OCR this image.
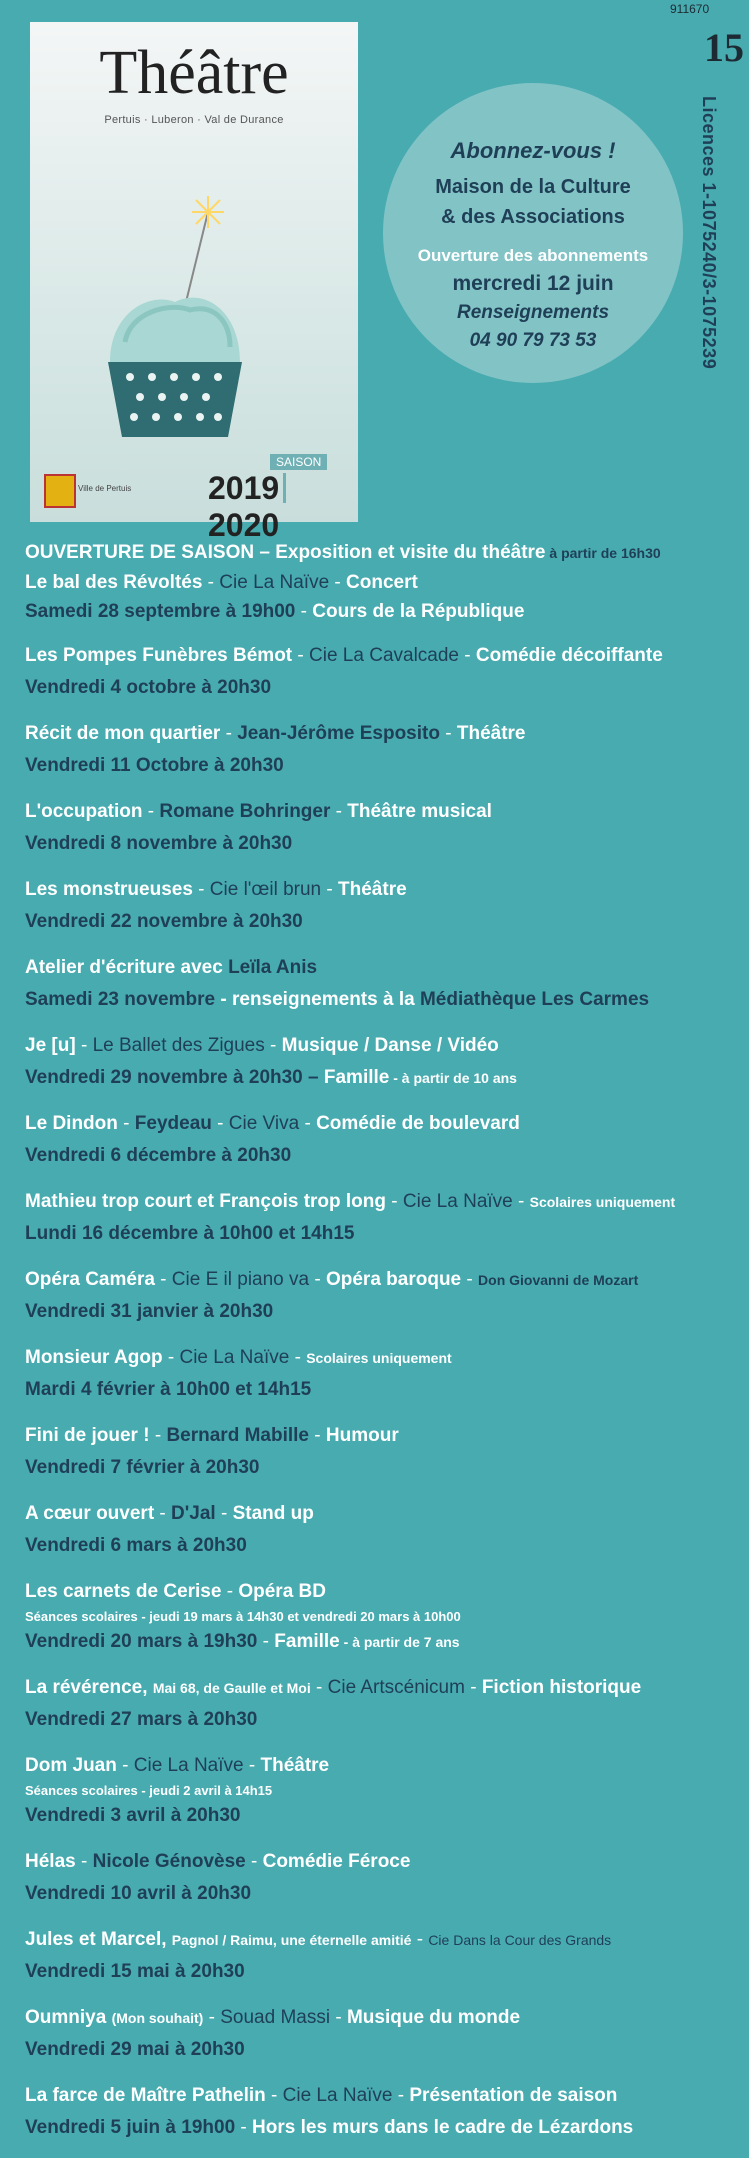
911670
15
Licences 1-1075240/3-1075239
Théâtre
Pertuis · Luberon · Val de Durance
Ville de Pertuis
SAISON
20192020
Abonnez-vous !
Maison de la Culture
& des Associations
Ouverture des abonnements
mercredi 12 juin
Renseignements
04 90 79 73 53
OUVERTURE DE SAISON – Exposition et visite du théâtre à partir de 16h30
Le bal des Révoltés - Cie La Naïve - Concert
Samedi 28 septembre à 19h00 - Cours de la République
Les Pompes Funèbres Bémot - Cie La Cavalcade - Comédie décoiffante
Vendredi 4 octobre à 20h30
Récit de mon quartier - Jean-Jérôme Esposito - Théâtre
Vendredi 11 Octobre à 20h30
L'occupation - Romane Bohringer - Théâtre musical
Vendredi 8 novembre à 20h30
Les monstrueuses - Cie l'œil brun - Théâtre
Vendredi 22 novembre à 20h30
Atelier d'écriture avec Leïla Anis
Samedi 23 novembre - renseignements à la Médiathèque Les Carmes
Je [u] - Le Ballet des Zigues - Musique / Danse / Vidéo
Vendredi 29 novembre à 20h30 – Famille - à partir de 10 ans
Le Dindon - Feydeau - Cie Viva - Comédie de boulevard
Vendredi 6 décembre à 20h30
Mathieu trop court et François trop long - Cie La Naïve - Scolaires uniquement
Lundi 16 décembre à 10h00 et 14h15
Opéra Caméra - Cie E il piano va - Opéra baroque - Don Giovanni de Mozart
Vendredi 31 janvier à 20h30
Monsieur Agop - Cie La Naïve - Scolaires uniquement
Mardi 4 février à 10h00 et 14h15
Fini de jouer ! - Bernard Mabille - Humour
Vendredi 7 février à 20h30
A cœur ouvert - D'Jal - Stand up
Vendredi 6 mars à 20h30
Les carnets de Cerise - Opéra BD
Séances scolaires - jeudi 19 mars à 14h30 et vendredi 20 mars à 10h00
Vendredi 20 mars à 19h30 - Famille - à partir de 7 ans
La révérence, Mai 68, de Gaulle et Moi - Cie Artscénicum - Fiction historique
Vendredi 27 mars à 20h30
Dom Juan - Cie La Naïve - Théâtre
Séances scolaires - jeudi 2 avril à 14h15
Vendredi 3 avril à 20h30
Hélas - Nicole Génovèse - Comédie Féroce
Vendredi 10 avril à 20h30
Jules et Marcel, Pagnol / Raimu, une éternelle amitié - Cie Dans la Cour des Grands
Vendredi 15 mai à 20h30
Oumniya (Mon souhait) - Souad Massi - Musique du monde
Vendredi 29 mai à 20h30
La farce de Maître Pathelin - Cie La Naïve - Présentation de saison
Vendredi 5 juin à 19h00 - Hors les murs dans le cadre de Lézardons
